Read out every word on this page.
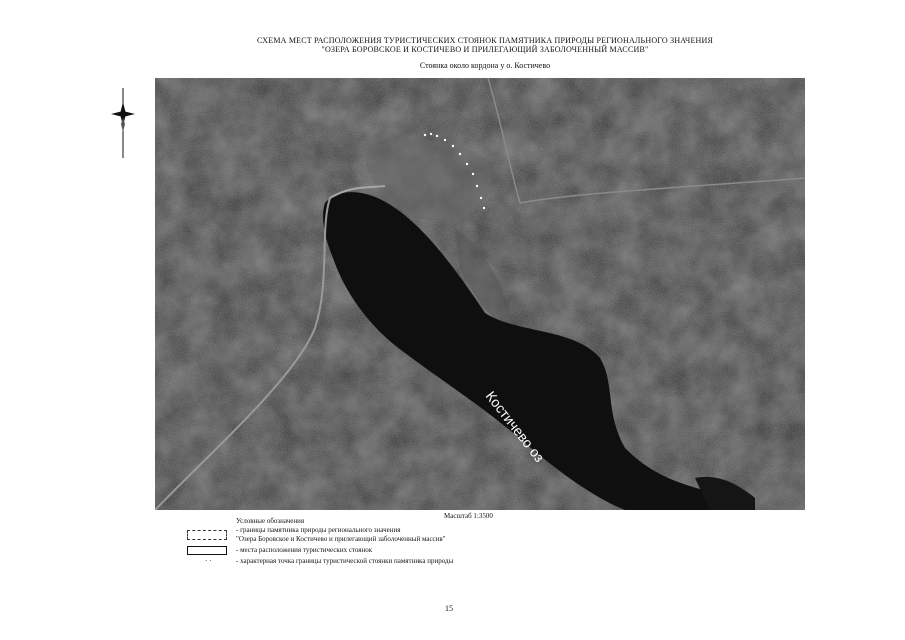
СХЕМА МЕСТ РАСПОЛОЖЕНИЯ ТУРИСТИЧЕСКИХ СТОЯНОК ПАМЯТНИКА ПРИРОДЫ РЕГИОНАЛЬНОГО ЗНАЧЕНИЯ
"ОЗЕРА БОРОВСКОЕ И КОСТИЧЕВО И ПРИЛЕГАЮЩИЙ ЗАБОЛОЧЕННЫЙ МАССИВ"
Стоянка около кордона у о. Костичево
Костичево оз
Масштаб 1:3500
Условные обозначения
- границы памятника природы регионального значения
"Озера Боровское и Костичево и прилегающий заболоченный массив"
- места расположения туристических стоянок
· ·	- характерная точка границы туристической стоянки памятника природы
15
